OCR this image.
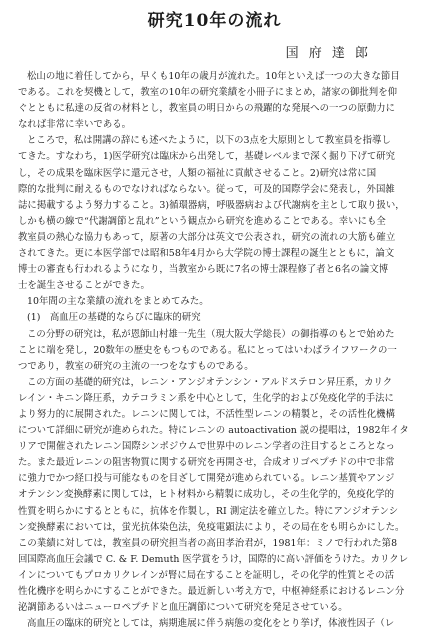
研究10年の流れ
国 府 達 郎
松山の地に着任してから，早くも10年の歳月が流れた。10年といえば一つの大きな節目
である。これを契機として，教室の10年の研究業績を小冊子にまとめ，諸家の御批判を仰
ぐとともに私達の反省の材料とし，教室員の明日からの飛躍的な発展への一つの原動力に
なれば非常に幸いである。
ところで，私は開講の辞にも述べたように，以下の3点を大原則として教室員を指導し
てきた。すなわち，1)医学研究は臨床から出発して，基礎レベルまで深く掘り下げて研究
し，その成果を臨床医学に還元させ，人類の福祉に貢献させること。2)研究は常に国
際的な批判に耐えるものでなければならない。従って，可及的国際学会に発表し，外国雑
誌に掲載するよう努力すること。3)循環器病，呼吸器病および代謝病を主として取り扱い，
しかも横の線で“代謝調節と乱れ”という観点から研究を進めることである。幸いにも全
教室員の熱心な協力もあって，原著の大部分は英文で公表され，研究の流れの大筋も確立
されてきた。更に本医学部では昭和58年4月から大学院の博士課程の誕生とともに，論文
博士の審査も行われるようになり，当教室から既に7名の博士課程修了者と6名の論文博
士を誕生させることができた。
10年間の主な業績の流れをまとめてみた。
(1)　高血圧の基礎的ならびに臨床的研究
この分野の研究は，私が恩師山村雄一先生（現大阪大学総長）の御指導のもとで始めた
ことに端を発し，20数年の歴史をもつものである。私にとってはいわばライフワークの一
つであり，教室の研究の主流の一つをなすものである。
この方面の基礎的研究は，レニン・アンジオテンシン・アルドステロン昇圧系，カリク
レイン・キニン降圧系，カテコラミン系を中心として，生化学的および免疫化学的手法に
より努力的に展開された。レニンに関しては，不活性型レニンの精製と，その活性化機構
について詳細に研究が進められた。特にレニンの autoactivation 説の提唱は，1982年イタ
リアで開催されたレニン国際シンポジウムで世界中のレニン学者の注目するところとなっ
た。また最近レニンの阻害物質に関する研究を再開させ，合成オリゴペプチドの中で非常
に強力でかつ経口投与可能なものを目ざして開発が進められている。レニン基質やアンジ
オテンシン変換酵素に関しては，ヒト材料から精製に成功し，その生化学的，免疫化学的
性質を明らかにするとともに，抗体を作製し，RI 測定法を確立した。特にアンジオテンシ
ン変換酵素においては，蛍光抗体染色法，免疫電顕法により，その局在をも明らかにした。
この業績に対しては，教室員の研究担当者の高田孝治君が，1981年：ミノで行われた第8
回国際高血圧会議で C. & F. Demuth 医学賞をうけ，国際的に高い評価をうけた。カリクレ
インについてもプロカリクレインが腎に局在することを証明し，その化学的性質とその活
性化機序を明らかにすることができた。最近新しい考え方で，中枢神経系におけるレニン分
泌調節あるいはニューロペプチドと血圧調節について研究を発足させている。
高血圧の臨床的研究としては，病期進展に伴う病態の変化をとり挙げ，体液性因子（レ
